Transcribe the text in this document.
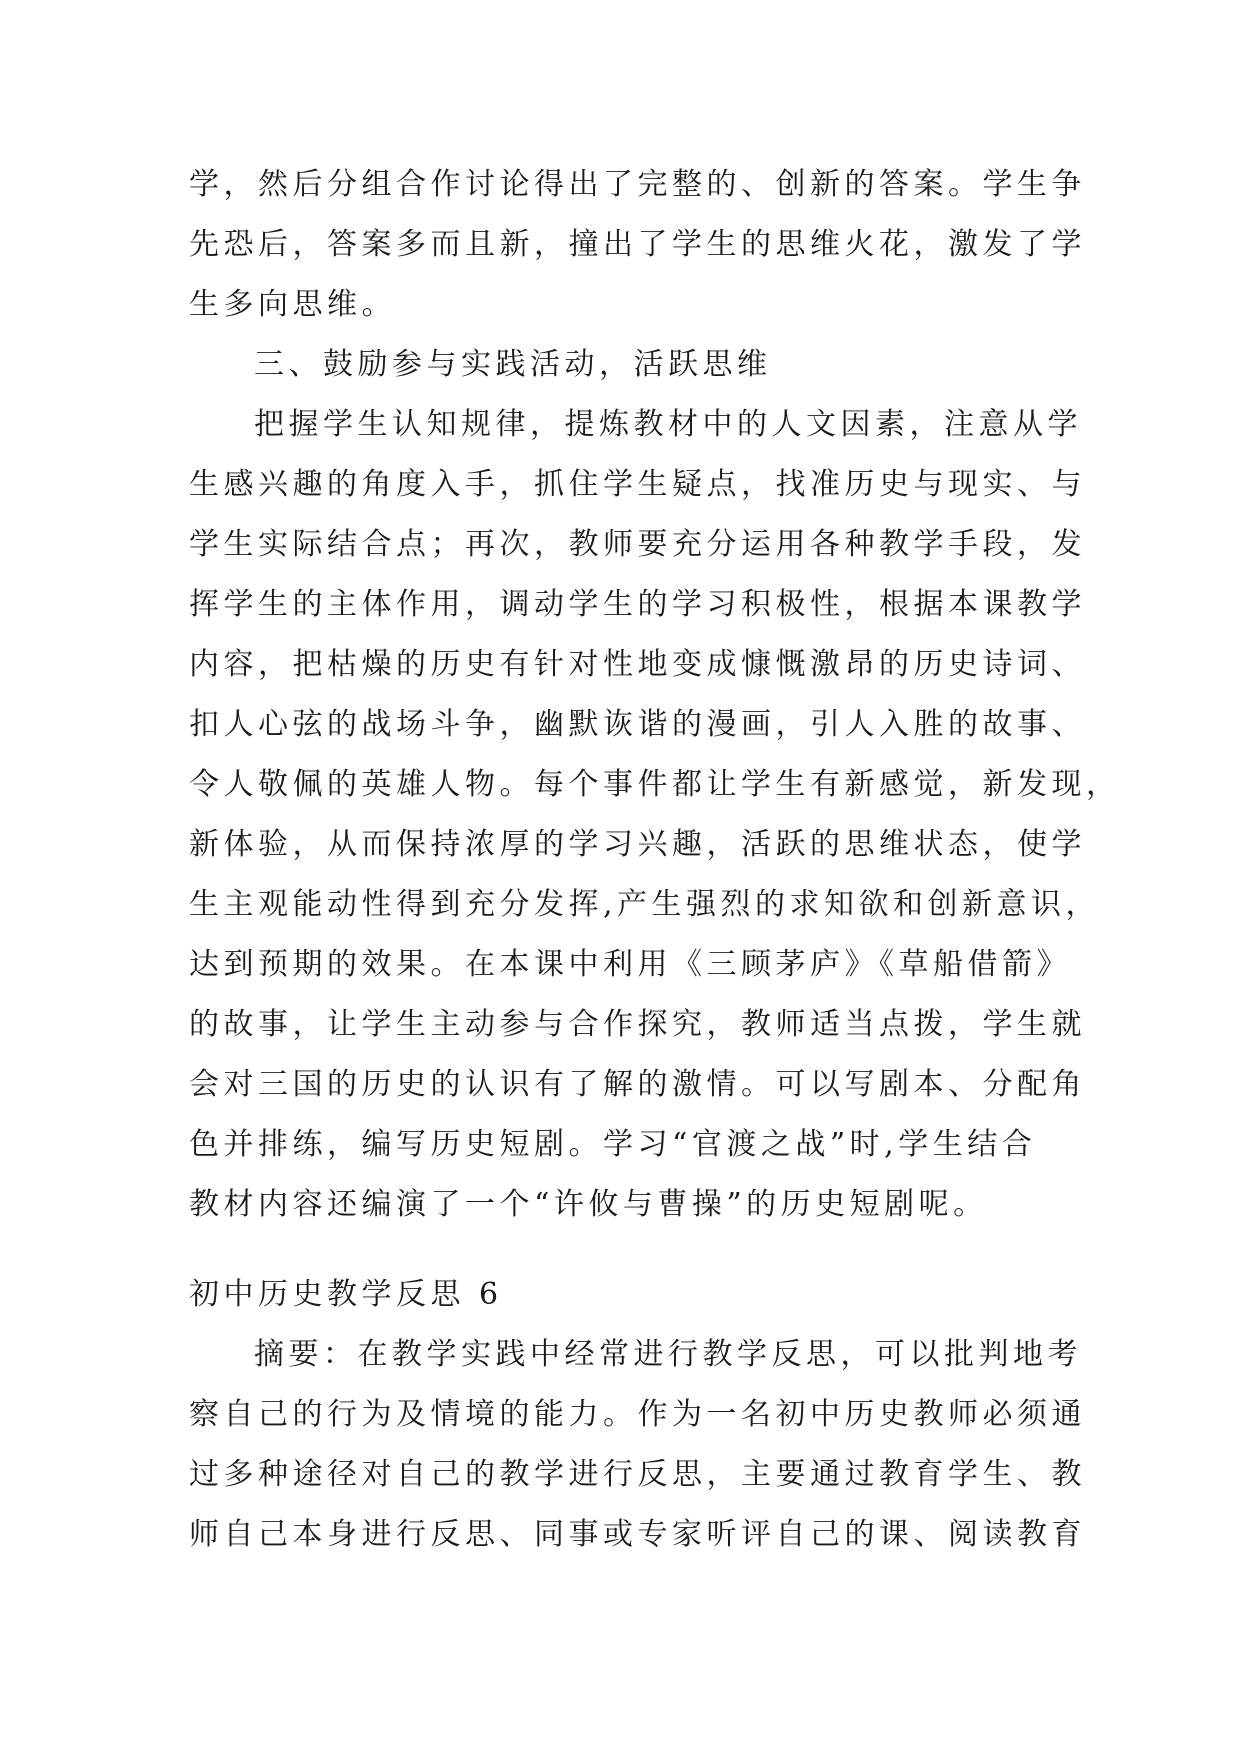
学，然后分组合作讨论得出了完整的、创新的答案。学生争
先恐后，答案多而且新，撞出了学生的思维火花，激发了学
生多向思维。
三、鼓励参与实践活动，活跃思维
把握学生认知规律，提炼教材中的人文因素，注意从学
生感兴趣的角度入手，抓住学生疑点，找准历史与现实、与
学生实际结合点；再次，教师要充分运用各种教学手段，发
挥学生的主体作用，调动学生的学习积极性，根据本课教学
内容，把枯燥的历史有针对性地变成慷慨激昂的历史诗词、
扣人心弦的战场斗争，幽默诙谐的漫画，引人入胜的故事、
令人敬佩的英雄人物。每个事件都让学生有新感觉，新发现，
新体验，从而保持浓厚的学习兴趣，活跃的思维状态，使学
生主观能动性得到充分发挥,产生强烈的求知欲和创新意识，
达到预期的效果。在本课中利用《三顾茅庐》《草船借箭》
的故事，让学生主动参与合作探究，教师适当点拨，学生就
会对三国的历史的认识有了解的激情。可以写剧本、分配角
色并排练，编写历史短剧。学习“官渡之战”时,学生结合
教材内容还编演了一个“许攸与曹操”的历史短剧呢。
初中历史教学反思 6
摘要：在教学实践中经常进行教学反思，可以批判地考
察自己的行为及情境的能力。作为一名初中历史教师必须通
过多种途径对自己的教学进行反思，主要通过教育学生、教
师自己本身进行反思、同事或专家听评自己的课、阅读教育
